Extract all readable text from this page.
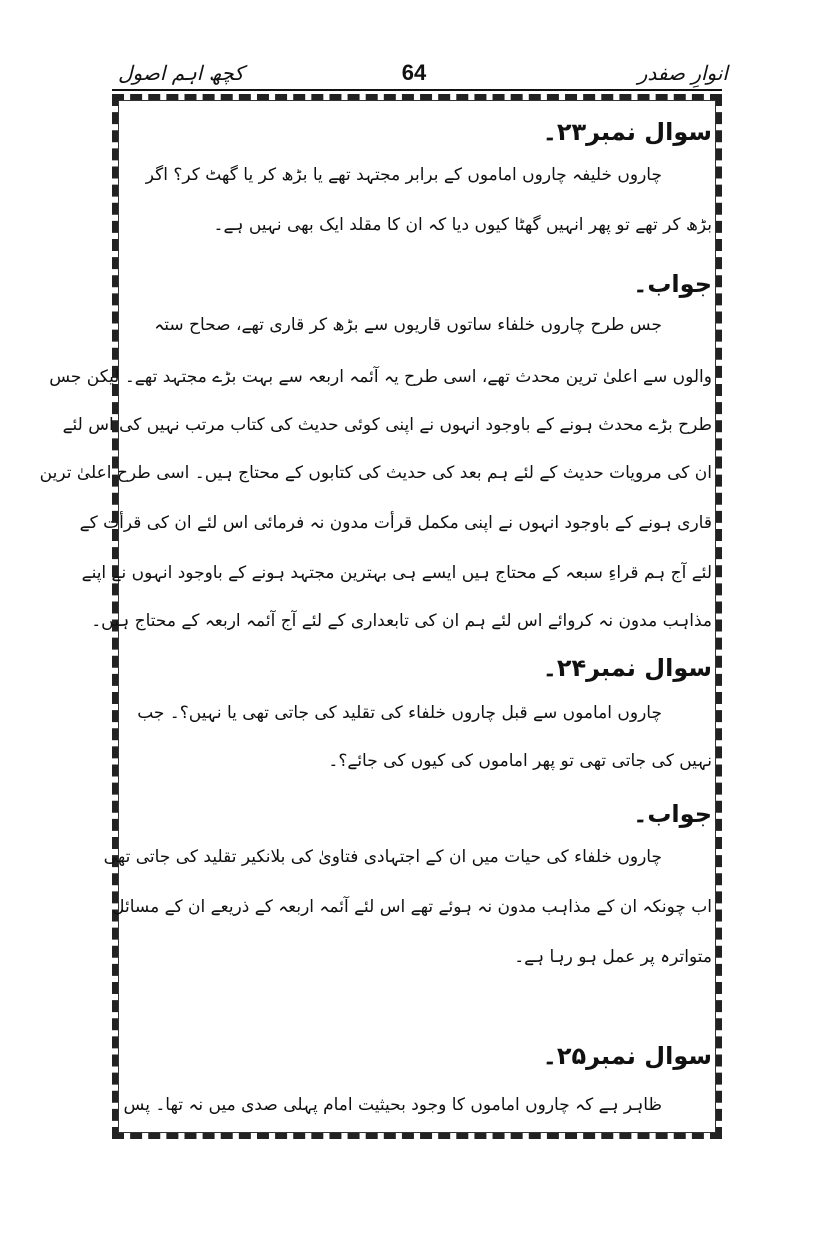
انوارِ صفدر
64
کچھ اہم اصول
سوال نمبر۲۳۔
چاروں خلیفہ چاروں اماموں کے برابر مجتہد تھے یا بڑھ کر یا گھٹ کر؟ اگر
بڑھ کر تھے تو پھر انہیں گھٹا کیوں دیا کہ ان کا مقلد ایک بھی نہیں ہے۔
جواب۔
جس طرح چاروں خلفاء ساتوں قاریوں سے بڑھ کر قاری تھے، صحاح ستہ
والوں سے اعلیٰ ترین محدث تھے، اسی طرح یہ آئمہ اربعہ سے بہت بڑے مجتہد تھے۔ لیکن جس
طرح بڑے محدث ہونے کے باوجود انہوں نے اپنی کوئی حدیث کی کتاب مرتب نہیں کی اس لئے
ان کی مرویات حدیث کے لئے ہم بعد کی حدیث کی کتابوں کے محتاج ہیں۔ اسی طرح اعلیٰ ترین
قاری ہونے کے باوجود انہوں نے اپنی مکمل قرأت مدون نہ فرمائی اس لئے ان کی قرأت کے
لئے آج ہم قراءِ سبعہ کے محتاج ہیں ایسے ہی بہترین مجتہد ہونے کے باوجود انہوں نے اپنے
مذاہب مدون نہ کروائے اس لئے ہم ان کی تابعداری کے لئے آج آئمہ اربعہ کے محتاج ہیں۔
سوال نمبر۲۴۔
چاروں اماموں سے قبل چاروں خلفاء کی تقلید کی جاتی تھی یا نہیں؟۔ جب
نہیں کی جاتی تھی تو پھر اماموں کی کیوں کی جائے؟۔
جواب۔
چاروں خلفاء کی حیات میں ان کے اجتہادی فتاویٰ کی بلانکیر تقلید کی جاتی تھی
اب چونکہ ان کے مذاہب مدون نہ ہوئے تھے اس لئے آئمہ اربعہ کے ذریعے ان کے مسائل
متواترہ پر عمل ہو رہا ہے۔
سوال نمبر۲۵۔
ظاہر ہے کہ چاروں اماموں کا وجود بحیثیت امام پہلی صدی میں نہ تھا۔ پس
